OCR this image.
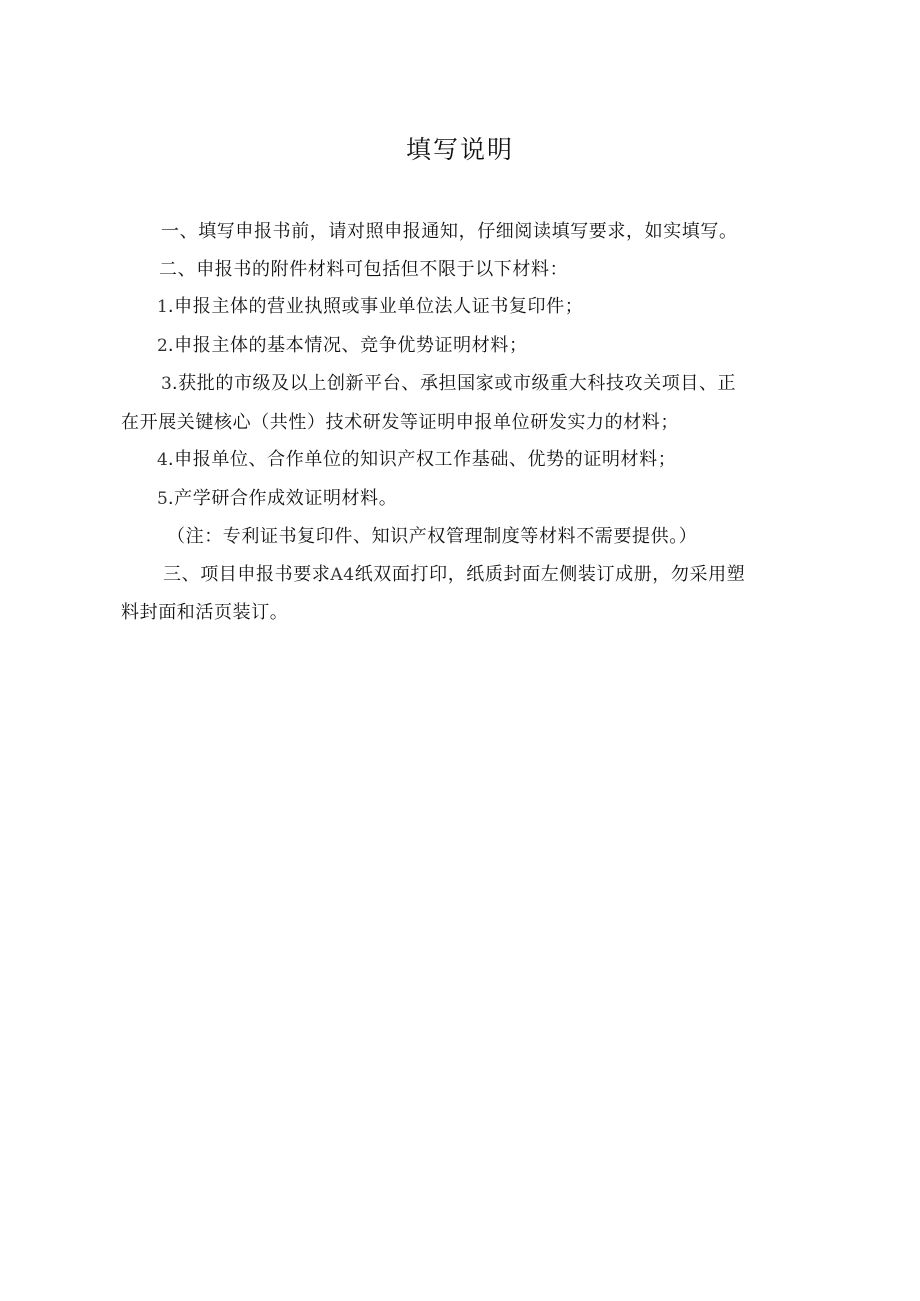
填写说明

一、填写申报书前，请对照申报通知，仔细阅读填写要求，如实填写。

二、申报书的附件材料可包括但不限于以下材料：

1.申报主体的营业执照或事业单位法人证书复印件；

2.申报主体的基本情况、竞争优势证明材料；

3.获批的市级及以上创新平台、承担国家或市级重大科技攻关项目、正

在开展关键核心（共性）技术研发等证明申报单位研发实力的材料；

4.申报单位、合作单位的知识产权工作基础、优势的证明材料；

5.产学研合作成效证明材料。

（注：专利证书复印件、知识产权管理制度等材料不需要提供。）

三、项目申报书要求A4纸双面打印，纸质封面左侧装订成册，勿采用塑

料封面和活页装订。
